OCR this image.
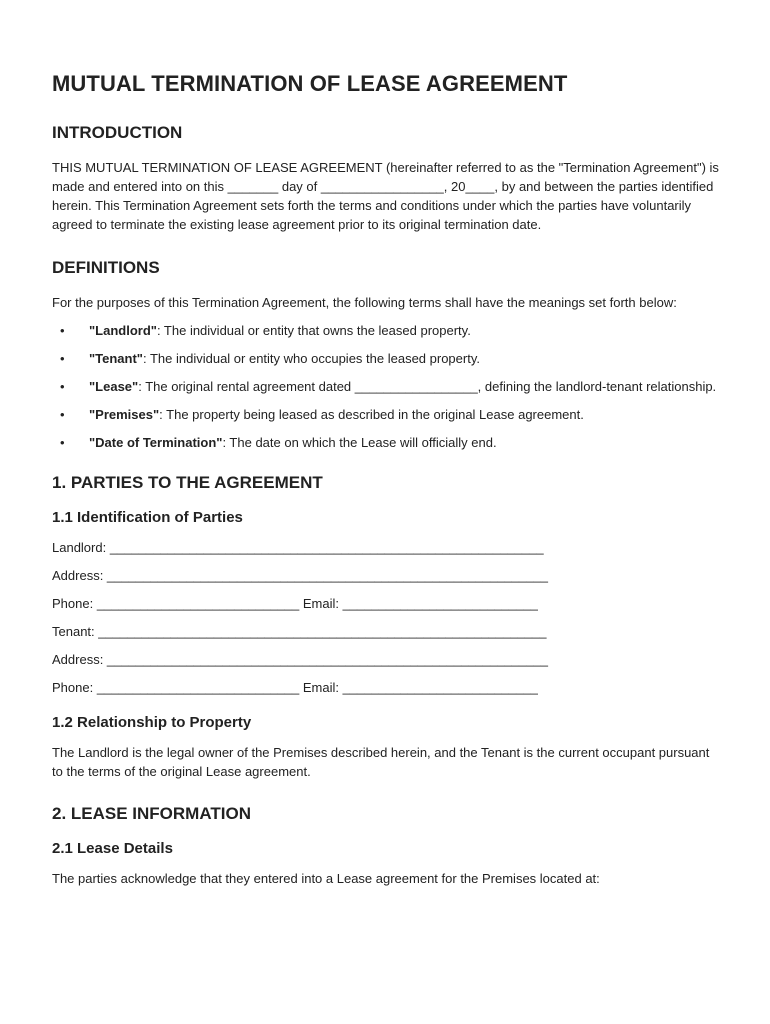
MUTUAL TERMINATION OF LEASE AGREEMENT
INTRODUCTION

THIS MUTUAL TERMINATION OF LEASE AGREEMENT (hereinafter referred to as the "Termination Agreement") is made and entered into on this _______ day of _________________, 20____, by and between the parties identified herein. This Termination Agreement sets forth the terms and conditions under which the parties have voluntarily agreed to terminate the existing lease agreement prior to its original termination date.

DEFINITIONS

For the purposes of this Termination Agreement, the following terms shall have the meanings set forth below:

• "Landlord": The individual or entity that owns the leased property.
• "Tenant": The individual or entity who occupies the leased property.
• "Lease": The original rental agreement dated _________________, defining the landlord-tenant relationship.
• "Premises": The property being leased as described in the original Lease agreement.
• "Date of Termination": The date on which the Lease will officially end.
1. PARTIES TO THE AGREEMENT
1.1 Identification of Parties
Landlord: ____________________________________________________________
Address: _____________________________________________________________
Phone: ____________________________ Email: ___________________________
Tenant: ______________________________________________________________
Address: _____________________________________________________________
Phone: ____________________________ Email: ___________________________
1.2 Relationship to Property

The Landlord is the legal owner of the Premises described herein, and the Tenant is the current occupant pursuant to the terms of the original Lease agreement.

2. LEASE INFORMATION
2.1 Lease Details

The parties acknowledge that they entered into a Lease agreement for the Premises located at:
